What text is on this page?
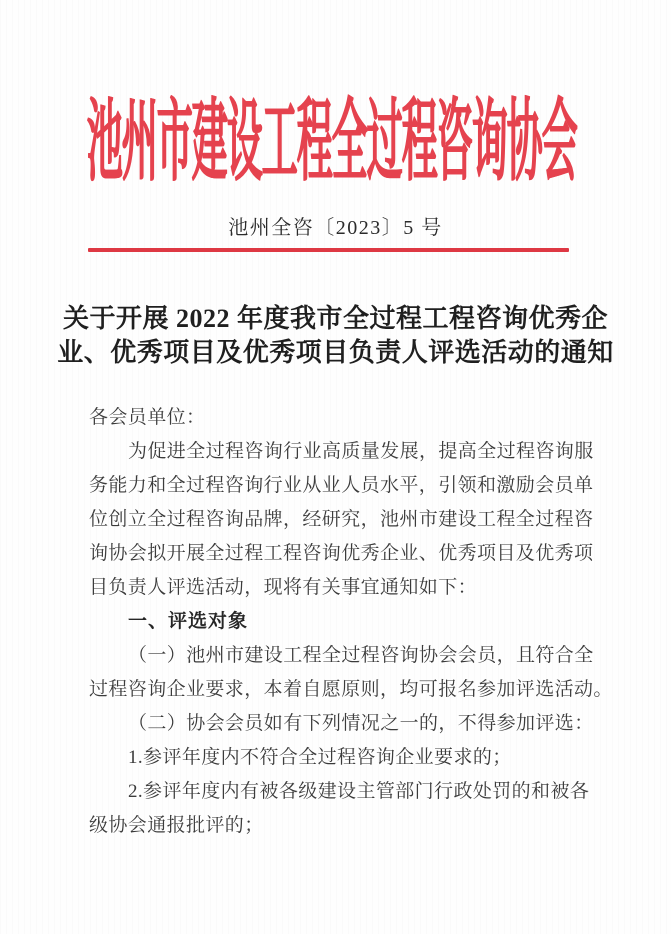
池州市建设工程全过程咨询协会
池州全咨〔2023〕5 号
关于开展 2022 年度我市全过程工程咨询优秀企
业、优秀项目及优秀项目负责人评选活动的通知
各会员单位：
为促进全过程咨询行业高质量发展，提高全过程咨询服
务能力和全过程咨询行业从业人员水平，引领和激励会员单
位创立全过程咨询品牌，经研究，池州市建设工程全过程咨
询协会拟开展全过程工程咨询优秀企业、优秀项目及优秀项
目负责人评选活动，现将有关事宜通知如下：
一、评选对象
（一）池州市建设工程全过程咨询协会会员，且符合全
过程咨询企业要求，本着自愿原则，均可报名参加评选活动。
（二）协会会员如有下列情况之一的，不得参加评选：
1.参评年度内不符合全过程咨询企业要求的；
2.参评年度内有被各级建设主管部门行政处罚的和被各
级协会通报批评的；
